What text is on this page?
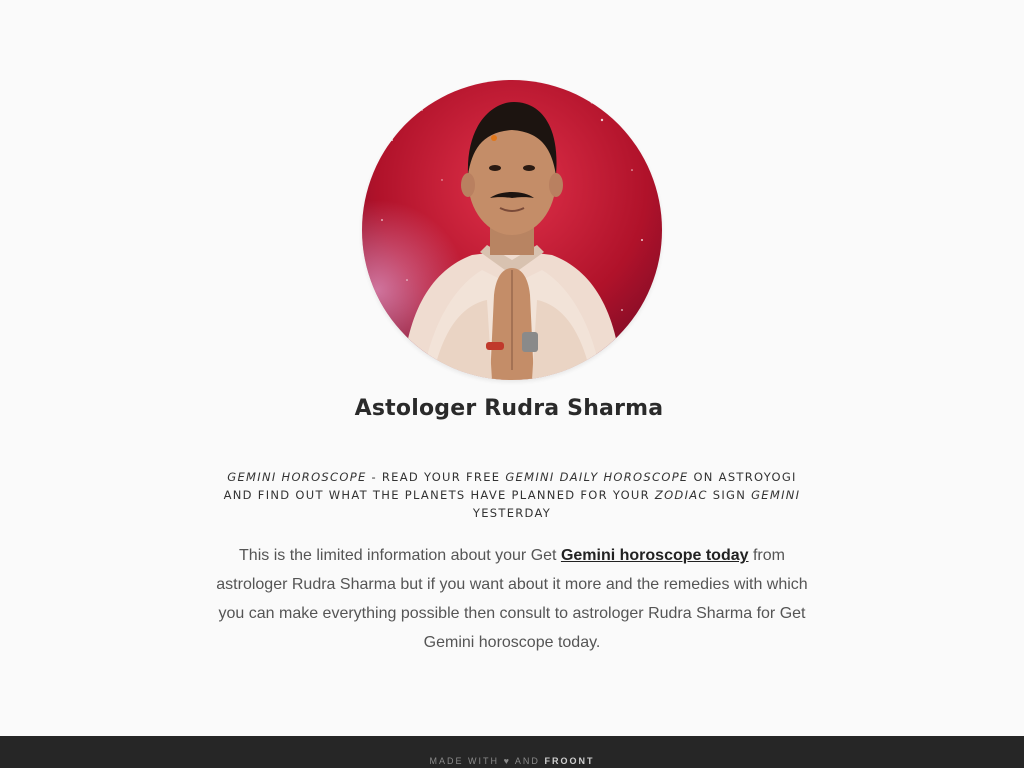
Astologer Rudra Sharma
GEMINI HOROSCOPE - READ YOUR FREE GEMINI DAILY HOROSCOPE ON ASTROYOGI AND FIND OUT WHAT THE PLANETS HAVE PLANNED FOR YOUR ZODIAC SIGN GEMINI YESTERDAY
This is the limited information about your Get Gemini horoscope today from astrologer Rudra Sharma but if you want about it more and the remedies with which you can make everything possible then consult to astrologer Rudra Sharma for Get Gemini horoscope today.
MADE WITH ♥ AND FROONT
